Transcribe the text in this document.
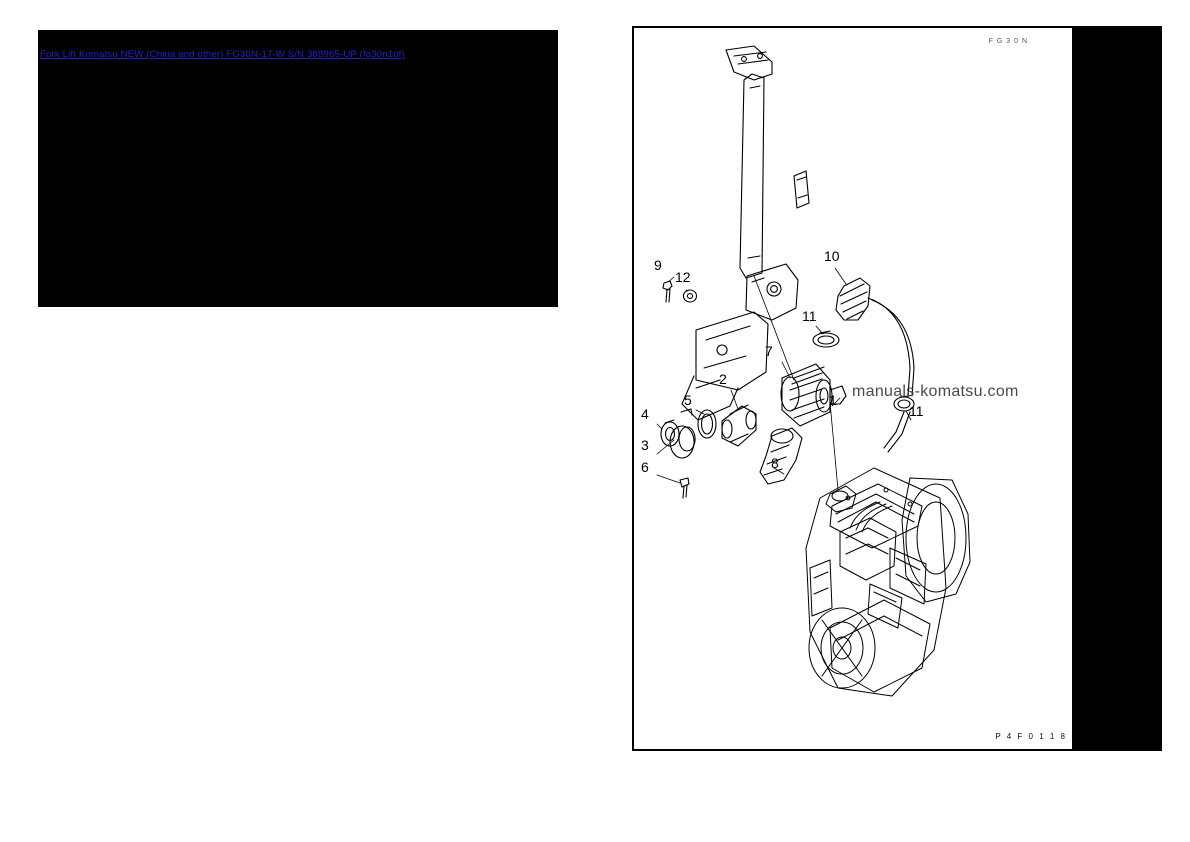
Fork Lift Komatsu NEW (China and other) FG30N-17-W S/N 388965-UP (fg30n1of)
9
12
10
11
7
2
1
11
4
5
3
6	8
manuals-komatsu.com
F G 3 0 N
P 4 F 0 1 1 8
